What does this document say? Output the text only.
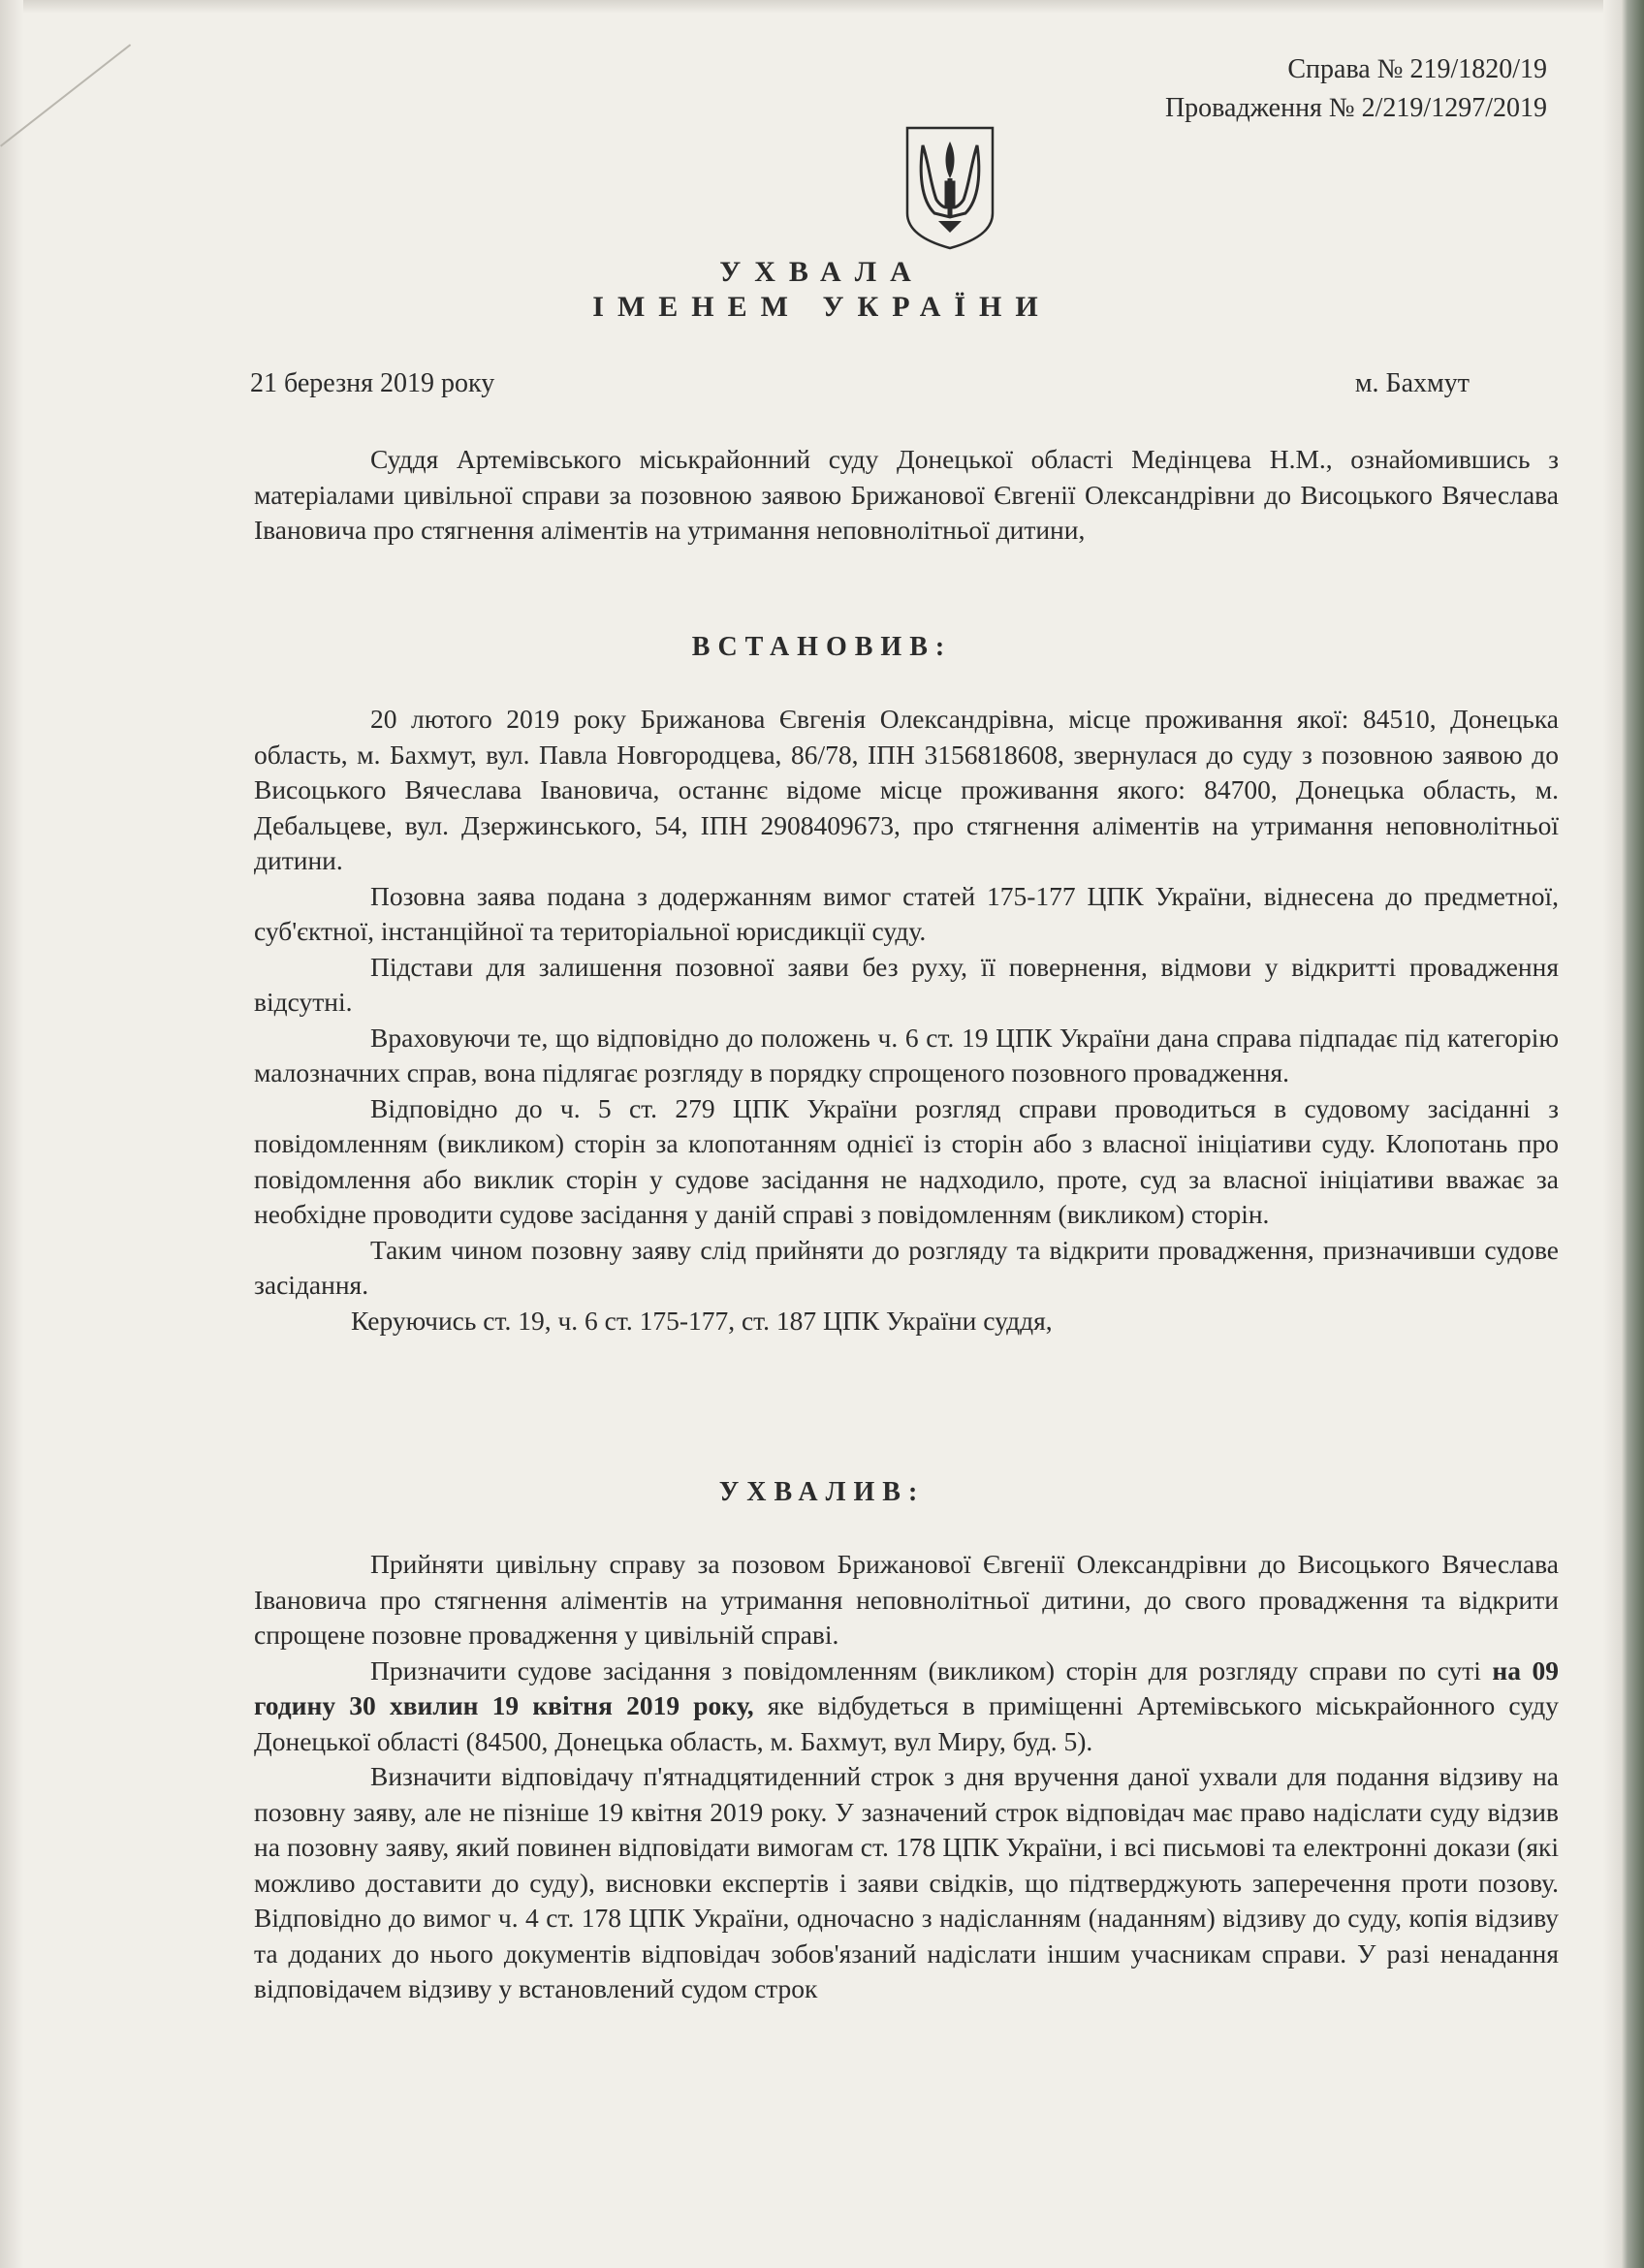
Справа № 219/1820/19
Провадження № 2/219/1297/2019
УХВАЛА
ІМЕНЕМ УКРАЇНИ
21 березня 2019 року	м. Бахмут

Суддя Артемівського міськрайонний суду Донецької області Медінцева Н.М., ознайомившись з матеріалами цивільної справи за позовною заявою Брижанової Євгенії Олександрівни до Висоцького Вячеслава Івановича про стягнення аліментів на утримання неповнолітньої дитини,

ВСТАНОВИВ:

20 лютого 2019 року Брижанова Євгенія Олександрівна, місце проживання якої: 84510, Донецька область, м. Бахмут, вул. Павла Новгородцева, 86/78, ІПН 3156818608, звернулася до суду з позовною заявою до Висоцького Вячеслава Івановича, останнє відоме місце проживання якого: 84700, Донецька область, м. Дебальцеве, вул. Дзержинського, 54, ІПН 2908409673, про стягнення аліментів на утримання неповнолітньої дитини.

Позовна заява подана з додержанням вимог статей 175-177 ЦПК України, віднесена до предметної, суб'єктної, інстанційної та територіальної юрисдикції суду.

Підстави для залишення позовної заяви без руху, її повернення, відмови у відкритті провадження відсутні.

Враховуючи те, що відповідно до положень ч. 6 ст. 19 ЦПК України дана справа підпадає під категорію малозначних справ, вона підлягає розгляду в порядку спрощеного позовного провадження.

Відповідно до ч. 5 ст. 279 ЦПК України розгляд справи проводиться в судовому засіданні з повідомленням (викликом) сторін за клопотанням однієї із сторін або з власної ініціативи суду. Клопотань про повідомлення або виклик сторін у судове засідання не надходило, проте, суд за власної ініціативи вважає за необхідне проводити судове засідання у даній справі з повідомленням (викликом) сторін.

Таким чином позовну заяву слід прийняти до розгляду та відкрити провадження, призначивши судове засідання.

Керуючись ст. 19, ч. 6 ст. 175-177, ст. 187 ЦПК України суддя,

УХВАЛИВ:

Прийняти цивільну справу за позовом Брижанової Євгенії Олександрівни до Висоцького Вячеслава Івановича про стягнення аліментів на утримання неповнолітньої дитини, до свого провадження та відкрити спрощене позовне провадження у цивільній справі.

Призначити судове засідання з повідомленням (викликом) сторін для розгляду справи по суті на 09 годину 30 хвилин 19 квітня 2019 року, яке відбудеться в приміщенні Артемівського міськрайонного суду Донецької області (84500, Донецька область, м. Бахмут, вул Миру, буд. 5).

Визначити відповідачу п'ятнадцятиденний строк з дня вручення даної ухвали для подання відзиву на позовну заяву, але не пізніше 19 квітня 2019 року. У зазначений строк відповідач має право надіслати суду відзив на позовну заяву, який повинен відповідати вимогам ст. 178 ЦПК України, і всі письмові та електронні докази (які можливо доставити до суду), висновки експертів і заяви свідків, що підтверджують заперечення проти позову. Відповідно до вимог ч. 4 ст. 178 ЦПК України, одночасно з надісланням (наданням) відзиву до суду, копія відзиву та доданих до нього документів відповідач зобов'язаний надіслати іншим учасникам справи. У разі ненадання відповідачем відзиву у встановлений судом строк
